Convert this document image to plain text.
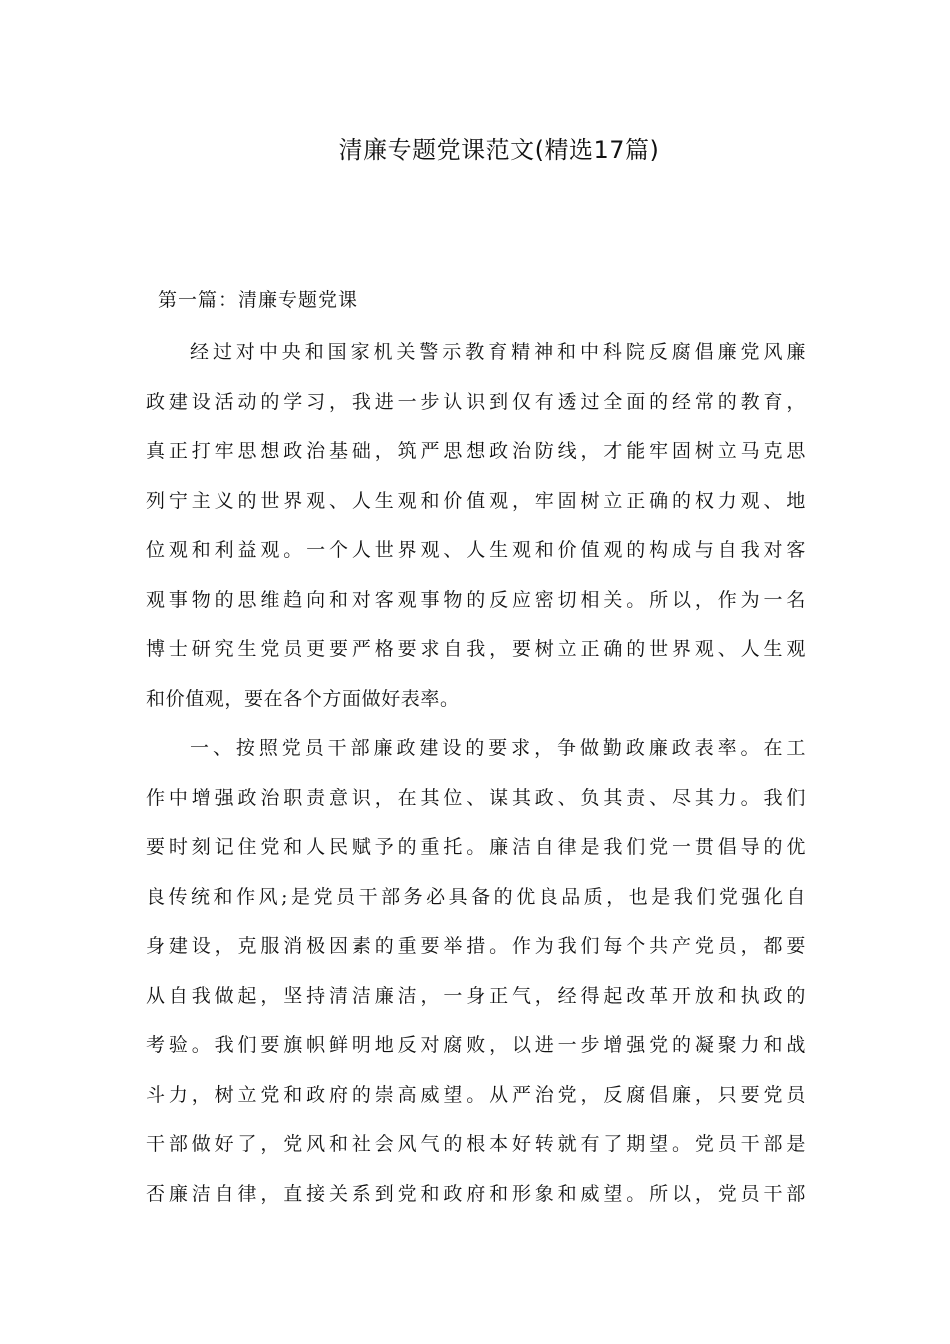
清廉专题党课范文(精选17篇)
第一篇：清廉专题党课
经过对中央和国家机关警示教育精神和中科院反腐倡廉党风廉
政建设活动的学习，我进一步认识到仅有透过全面的经常的教育，
真正打牢思想政治基础，筑严思想政治防线，才能牢固树立马克思
列宁主义的世界观、人生观和价值观，牢固树立正确的权力观、地
位观和利益观。一个人世界观、人生观和价值观的构成与自我对客
观事物的思维趋向和对客观事物的反应密切相关。所以，作为一名
博士研究生党员更要严格要求自我，要树立正确的世界观、人生观
和价值观，要在各个方面做好表率。
一、按照党员干部廉政建设的要求，争做勤政廉政表率。在工
作中增强政治职责意识，在其位、谋其政、负其责、尽其力。我们
要时刻记住党和人民赋予的重托。廉洁自律是我们党一贯倡导的优
良传统和作风;是党员干部务必具备的优良品质，也是我们党强化自
身建设，克服消极因素的重要举措。作为我们每个共产党员，都要
从自我做起，坚持清洁廉洁，一身正气，经得起改革开放和执政的
考验。我们要旗帜鲜明地反对腐败，以进一步增强党的凝聚力和战
斗力，树立党和政府的崇高威望。从严治党，反腐倡廉，只要党员
干部做好了，党风和社会风气的根本好转就有了期望。党员干部是
否廉洁自律，直接关系到党和政府和形象和威望。所以，党员干部
